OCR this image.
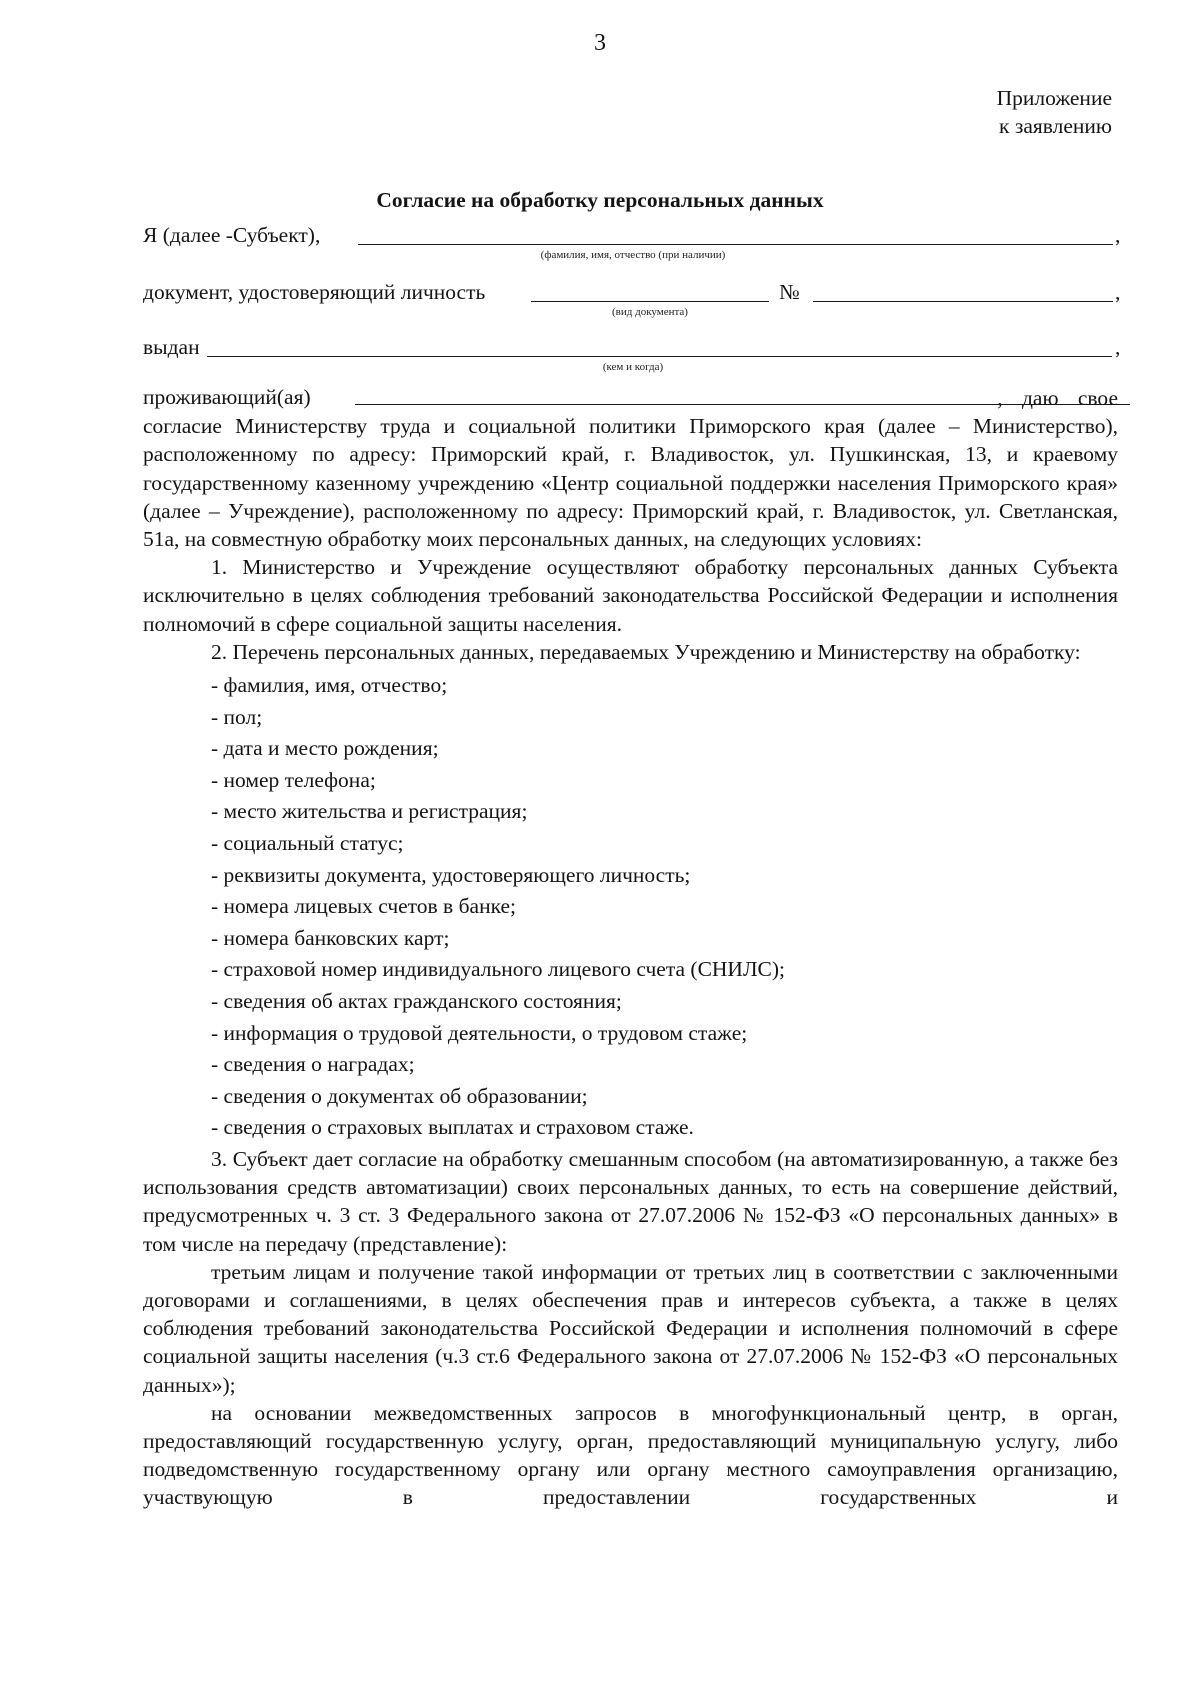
3
Приложение
к заявлению
Согласие на обработку персональных данных
Я (далее -Субъект),	,
(фамилия, имя, отчество (при наличии)
документ, удостоверяющий личность	№	,
(вид документа)
выдан	,
(кем и когда)
проживающий(ая)	, даю свое

согласие Министерству труда и социальной политики Приморского края (далее – Министерство), расположенному по адресу: Приморский край, г. Владивосток, ул. Пушкинская, 13, и краевому государственному казенному учреждению «Центр социальной поддержки населения Приморского края» (далее – Учреждение), расположенному по адресу: Приморский край, г. Владивосток, ул. Светланская, 51а, на совместную обработку моих персональных данных, на следующих условиях:

1. Министерство и Учреждение осуществляют обработку персональных данных Субъекта исключительно в целях соблюдения требований законодательства Российской Федерации и исполнения полномочий в сфере социальной защиты населения.

2. Перечень персональных данных, передаваемых Учреждению и Министерству на обработку:

- фамилия, имя, отчество;
- пол;
- дата и место рождения;
- номер телефона;
- место жительства и регистрация;
- социальный статус;
- реквизиты документа, удостоверяющего личность;
- номера лицевых счетов в банке;
- номера банковских карт;
- страховой номер индивидуального лицевого счета (СНИЛС);
- сведения об актах гражданского состояния;
- информация о трудовой деятельности, о трудовом стаже;
- сведения о наградах;
- сведения о документах об образовании;
- сведения о страховых выплатах и страховом стаже.

3. Субъект дает согласие на обработку смешанным способом (на автоматизированную, а также без использования средств автоматизации) своих персональных данных, то есть на совершение действий, предусмотренных ч. 3 ст. 3 Федерального закона от 27.07.2006 № 152-ФЗ «О персональных данных» в том числе на передачу (представление):

третьим лицам и получение такой информации от третьих лиц в соответствии с заключенными договорами и соглашениями, в целях обеспечения прав и интересов субъекта, а также в целях соблюдения требований законодательства Российской Федерации и исполнения полномочий в сфере социальной защиты населения (ч.3 ст.6 Федерального закона от 27.07.2006 № 152-ФЗ «О персональных данных»);

на основании межведомственных запросов в многофункциональный центр, в орган, предоставляющий государственную услугу, орган, предоставляющий муниципальную услугу, либо подведомственную государственному органу или органу местного самоуправления организацию, участвующую в предоставлении государственных и
